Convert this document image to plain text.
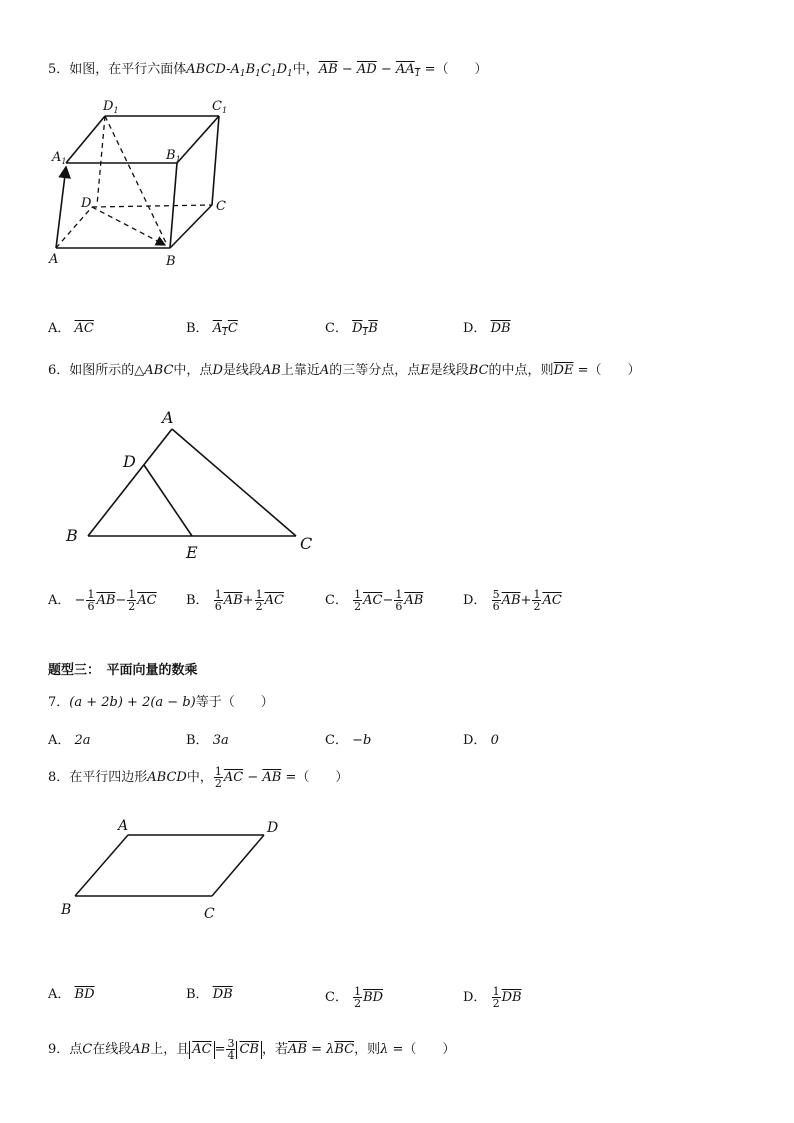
5．如图，在平行六面体ABCD-$A_1B_1C_1D_1$中，$\overline{AB} - \overline{AD} - AA_1$ =（　　）
$D_1$	$C_1$
$A_1$	$B_1$
D	C
A	B
A． $\overline{AC}$	B． $A_1C$	C． $D_1B$	D． $\overline{DB}$
6．如图所示的△ABC中，点D是线段AB上靠近A的三等分点，点E是线段BC的中点，则$\overline{DE}$ =（　　）
A
D
B
E	C
A． − $\frac{1}{6} \overline{AB}- \frac{1}{2} \overline{AC}$ B． $\frac{1}{6} \overline{AB}+ \frac{1}{2} \overline{AC}$	C． $\frac{1}{2} \overline{AC}- \frac{1}{6} \overline{AB}$	D． $\frac{5}{6} \overline{AB}+ \frac{1}{2} \overline{AC}$
题型三：　平面向量的数乘
7．(a + 2b) + 2(a − b)等于（　　）
A． 2a	B． 3a	C． −b	D． 0
8．在平行四边形ABCD中， $\frac{1}{2} \overline{AC} - \overline{AB}$ =（　　）
A	D
B	C
A． $\overline{BD}$	B． $\overline{DB}$	C． $\frac{1}{2} \overline{BD}$	D． $\frac{1}{2} \overline{DB}$
9．点C在线段AB上，且 $\overline{AC} = \frac{3}{4} \overline{CB}$ ，若$\overline{AB} = \lambda\overline{BC}$，则λ =（　　）
